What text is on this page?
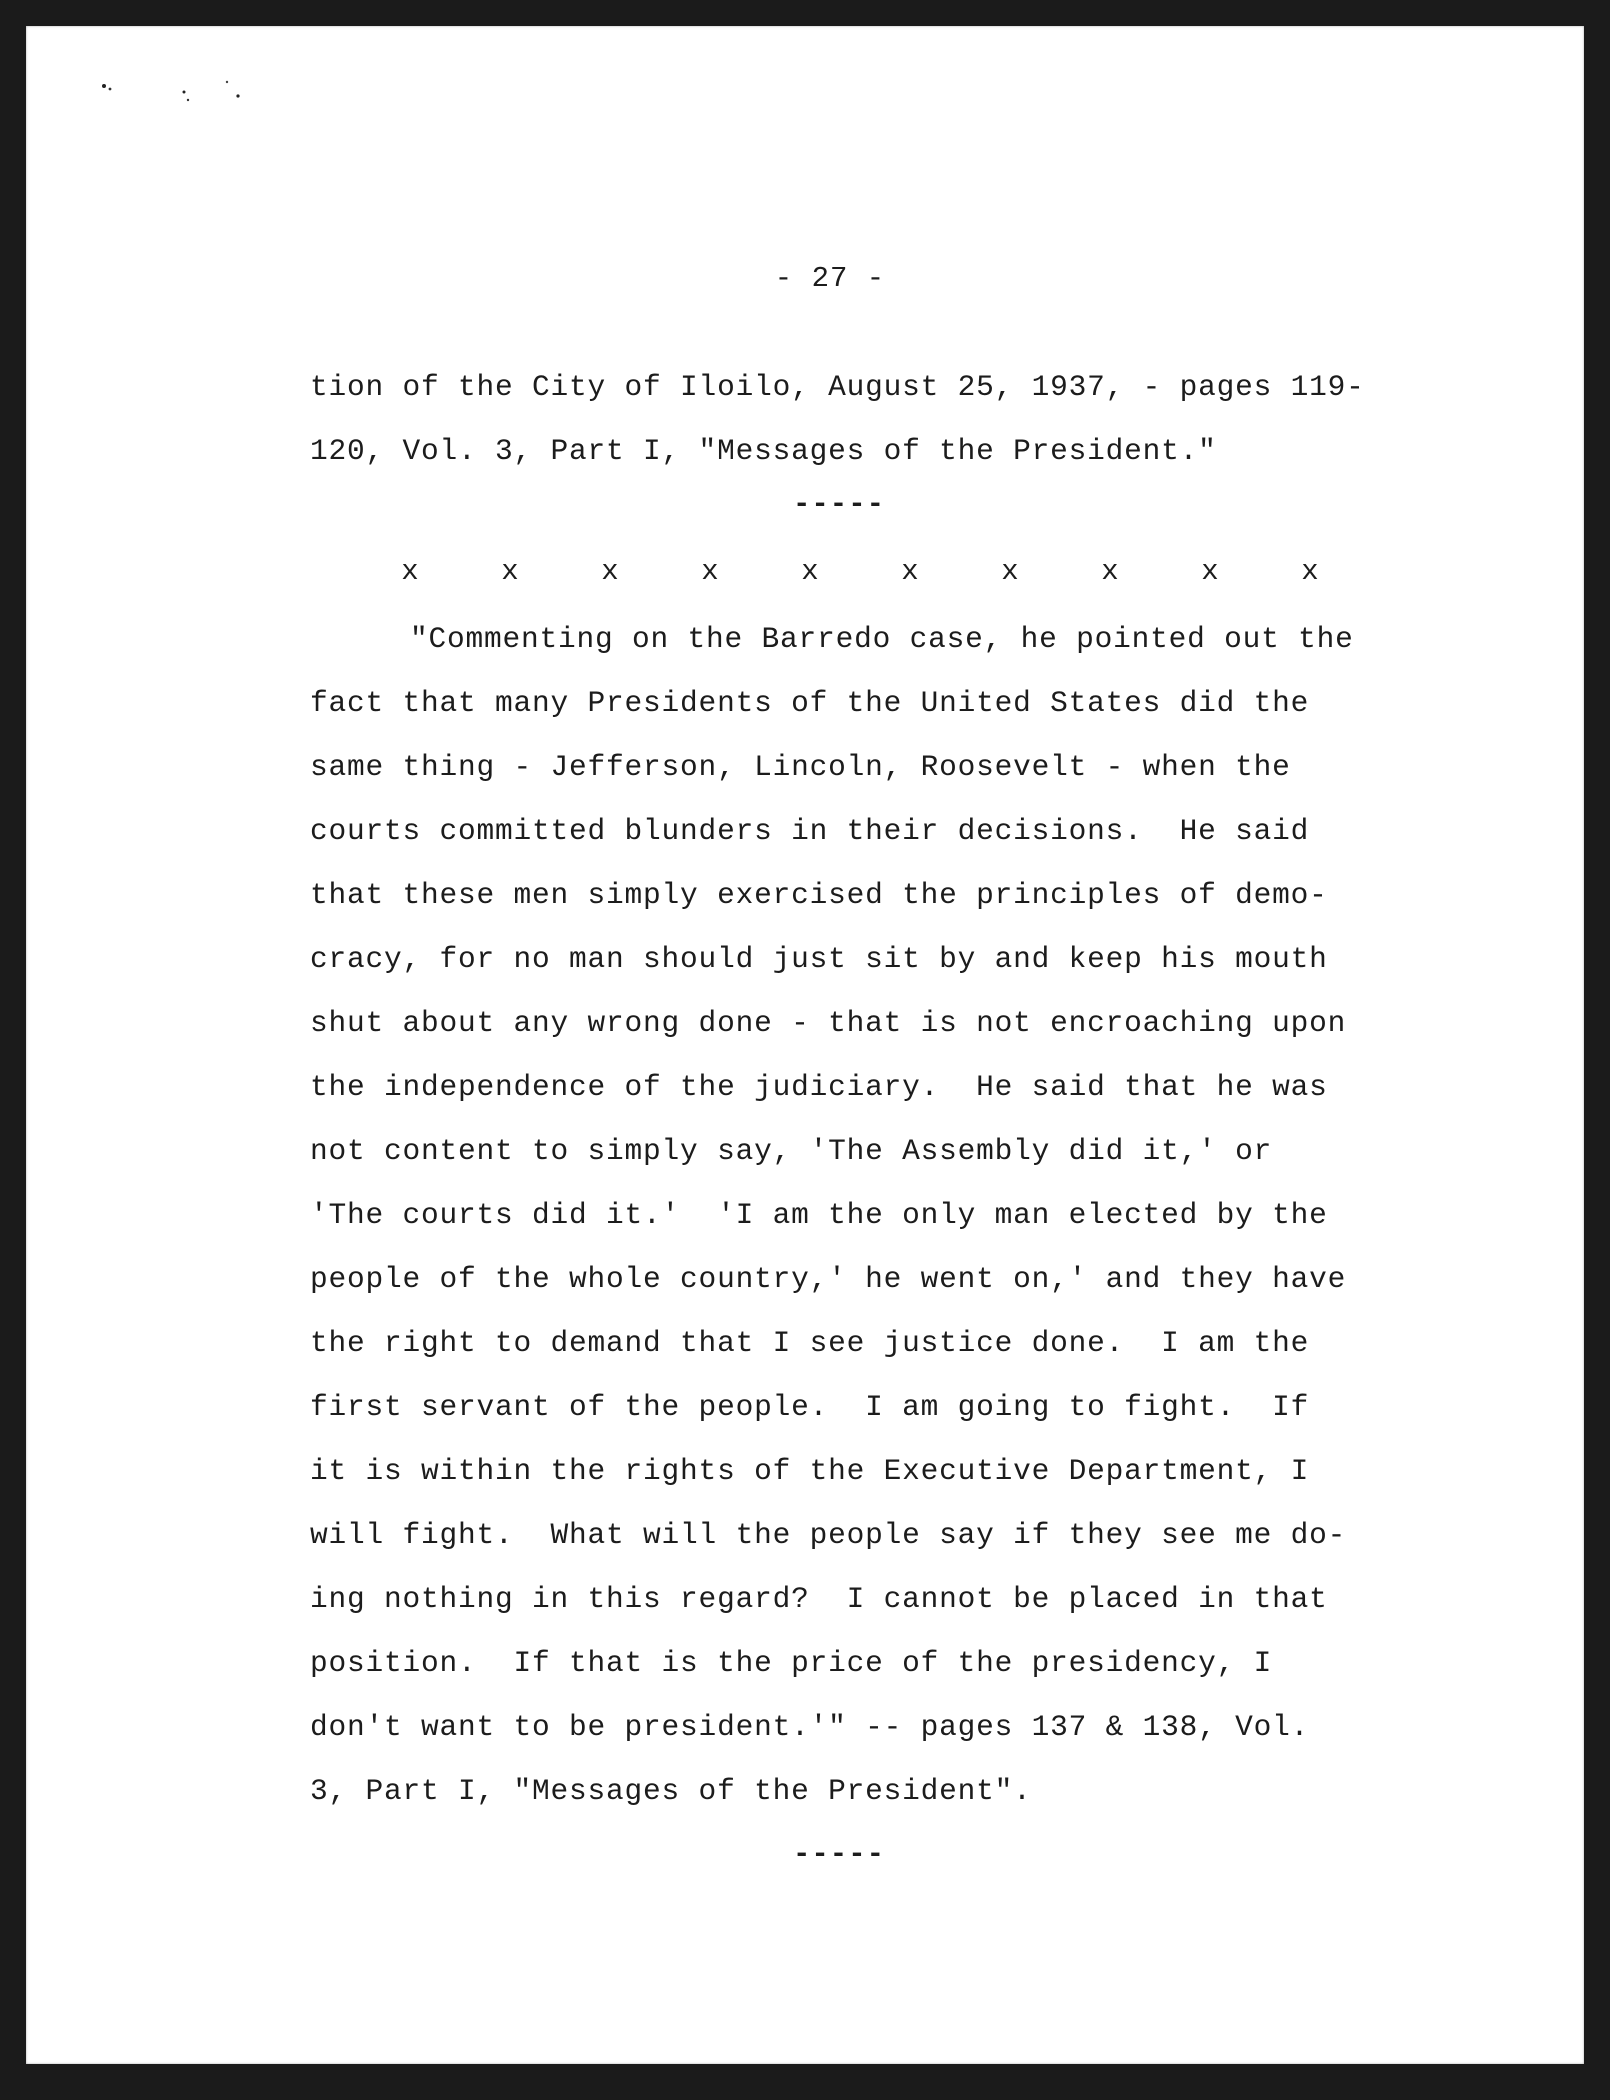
- 27 -
tion of the City of Iloilo, August 25, 1937, - pages 119-
120, Vol. 3, Part I, "Messages of the President."
-----
x	x	x	x	x	x	x	x	x	x
"Commenting on the Barredo case, he pointed out the
fact that many Presidents of the United States did the
same thing - Jefferson, Lincoln, Roosevelt - when the
courts committed blunders in their decisions.  He said
that these men simply exercised the principles of demo-
cracy, for no man should just sit by and keep his mouth
shut about any wrong done - that is not encroaching upon
the independence of the judiciary.  He said that he was
not content to simply say, 'The Assembly did it,' or
'The courts did it.'  'I am the only man elected by the
people of the whole country,' he went on,' and they have
the right to demand that I see justice done.  I am the
first servant of the people.  I am going to fight.  If
it is within the rights of the Executive Department, I
will fight.  What will the people say if they see me do-
ing nothing in this regard?  I cannot be placed in that
position.  If that is the price of the presidency, I
don't want to be president.'" -- pages 137 & 138, Vol.
3, Part I, "Messages of the President".
-----
